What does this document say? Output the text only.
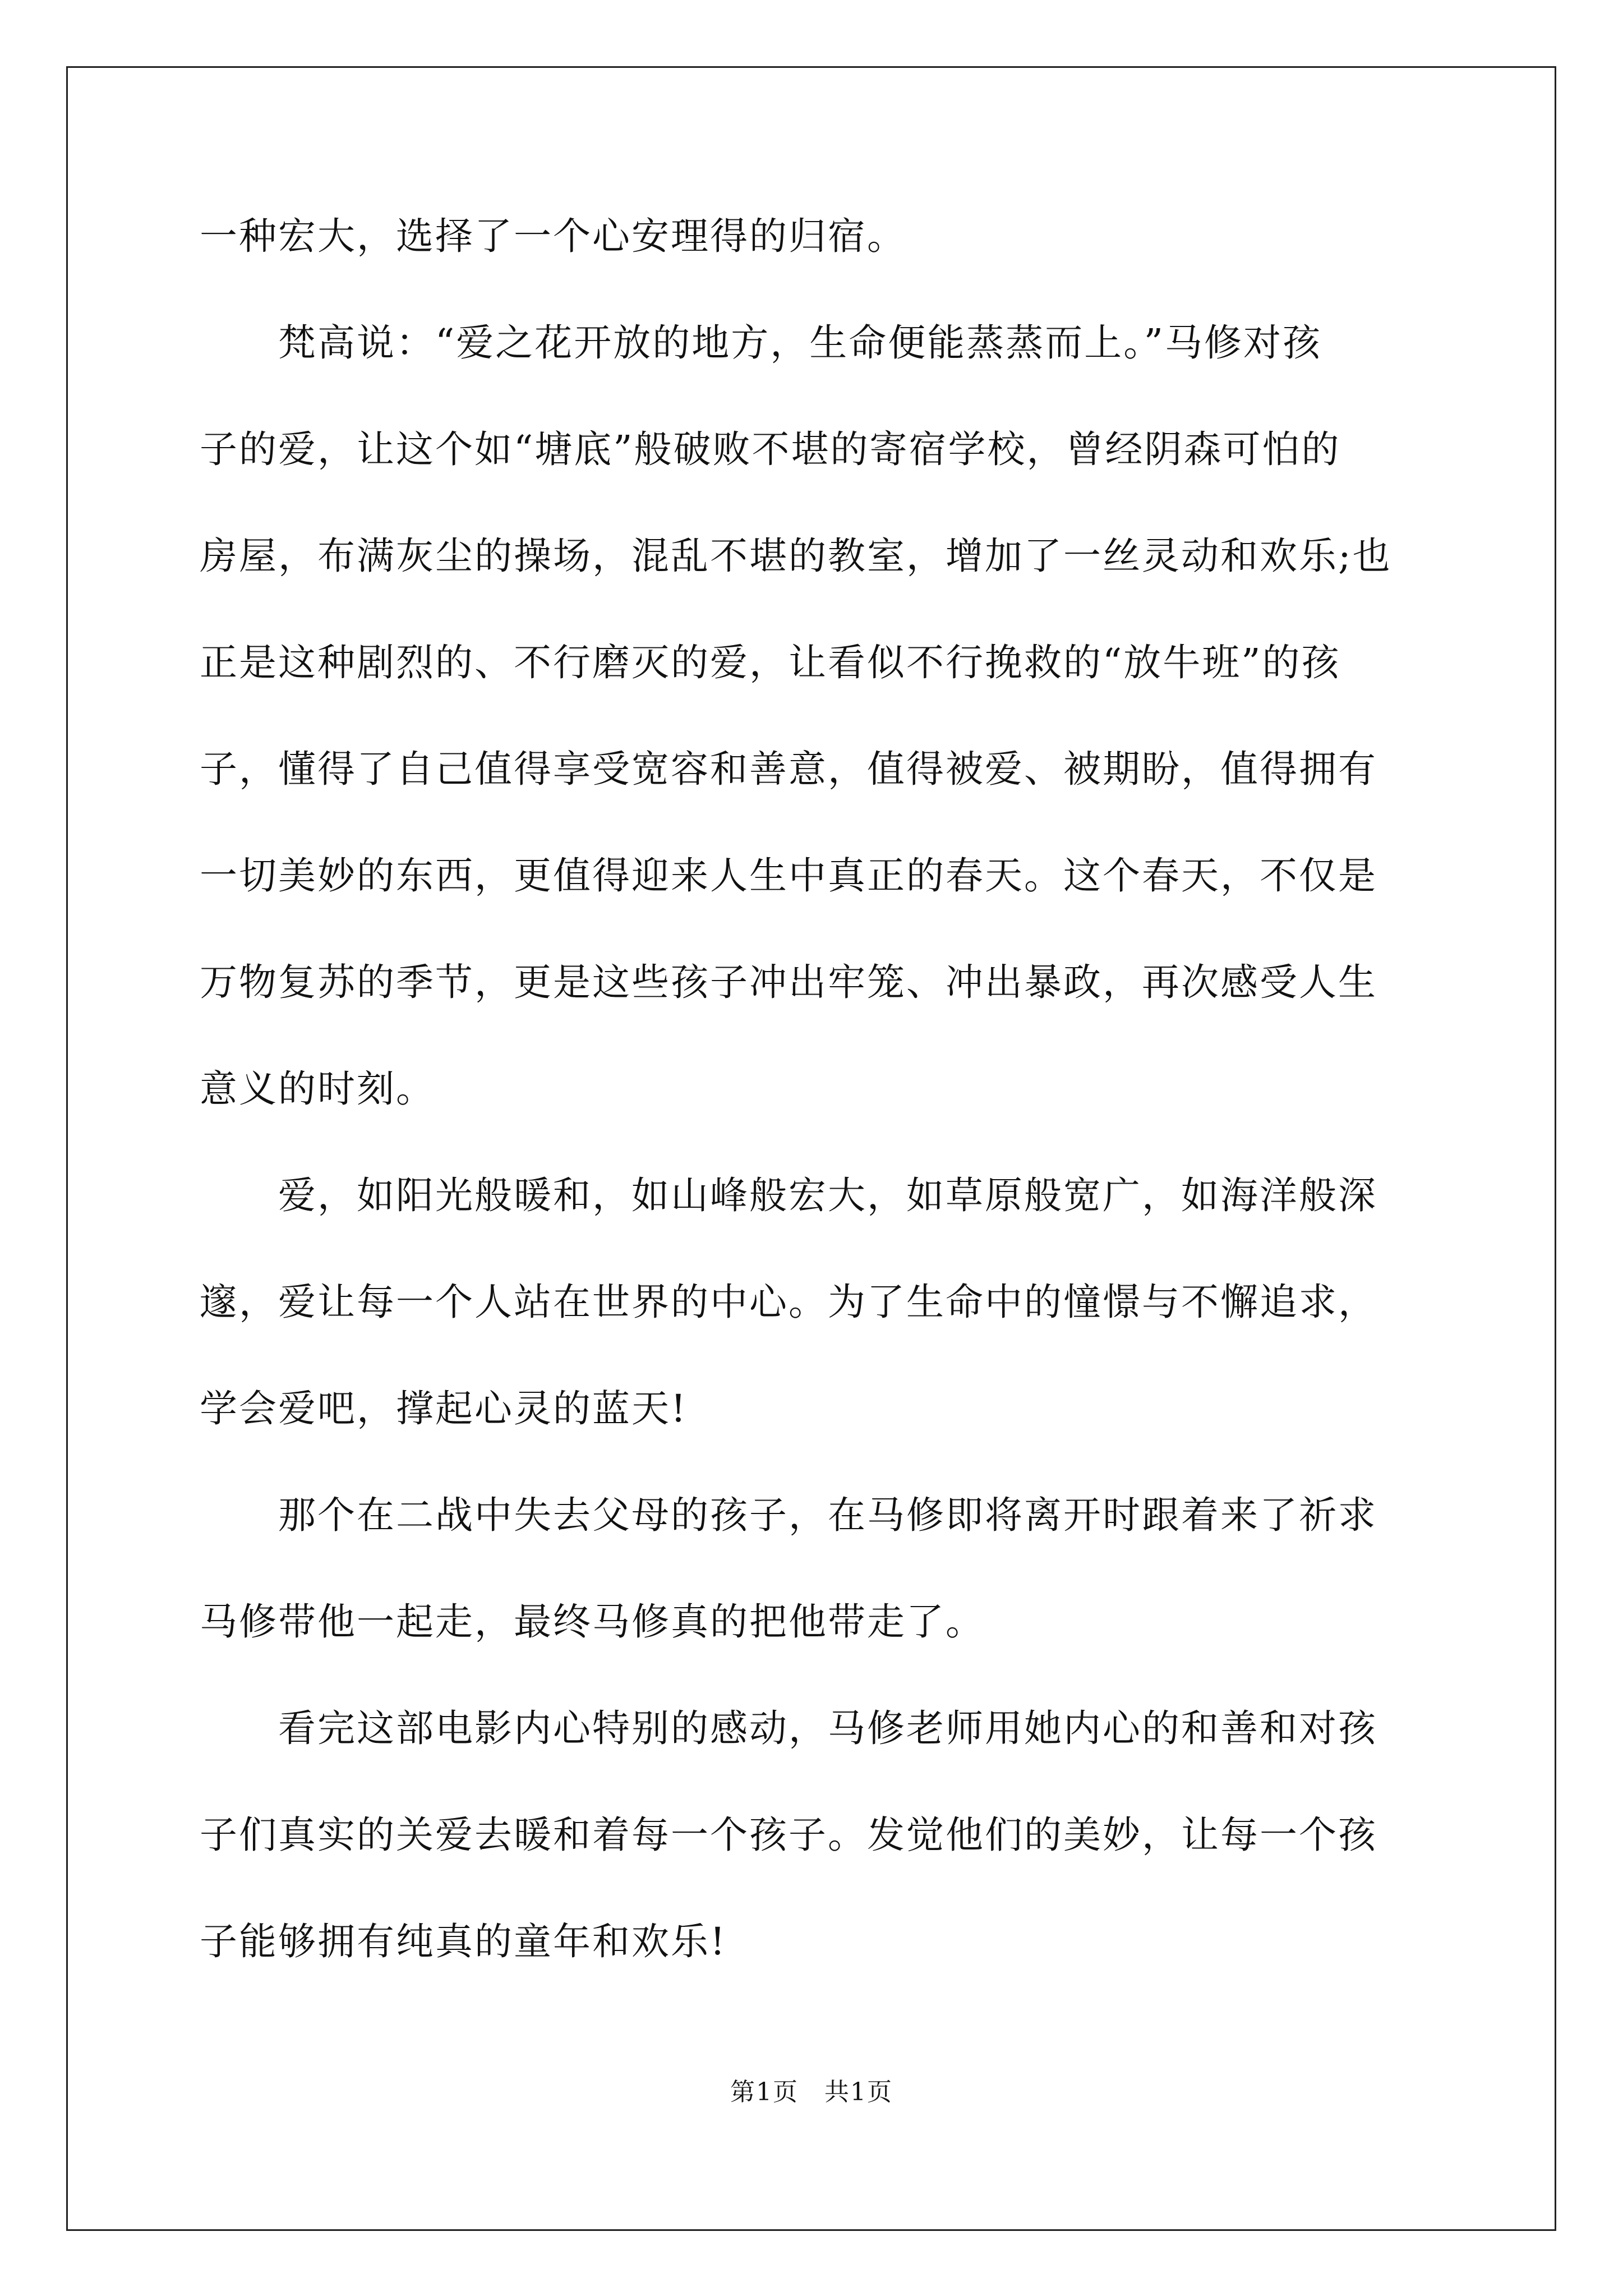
一种宏大，选择了一个心安理得的归宿。
　　梵高说：“爱之花开放的地方，生命便能蒸蒸而上。”马修对孩
子的爱，让这个如“塘底”般破败不堪的寄宿学校，曾经阴森可怕的
房屋，布满灰尘的操场，混乱不堪的教室，增加了一丝灵动和欢乐;也
正是这种剧烈的、不行磨灭的爱，让看似不行挽救的“放牛班”的孩
子，懂得了自己值得享受宽容和善意，值得被爱、被期盼，值得拥有
一切美妙的东西，更值得迎来人生中真正的春天。这个春天，不仅是
万物复苏的季节，更是这些孩子冲出牢笼、冲出暴政，再次感受人生
意义的时刻。
　　爱，如阳光般暖和，如山峰般宏大，如草原般宽广，如海洋般深
邃，爱让每一个人站在世界的中心。为了生命中的憧憬与不懈追求，
学会爱吧，撑起心灵的蓝天!
　　那个在二战中失去父母的孩子，在马修即将离开时跟着来了祈求
马修带他一起走，最终马修真的把他带走了。
　　看完这部电影内心特别的感动，马修老师用她内心的和善和对孩
子们真实的关爱去暖和着每一个孩子。发觉他们的美妙，让每一个孩
子能够拥有纯真的童年和欢乐!
第1页　共1页
